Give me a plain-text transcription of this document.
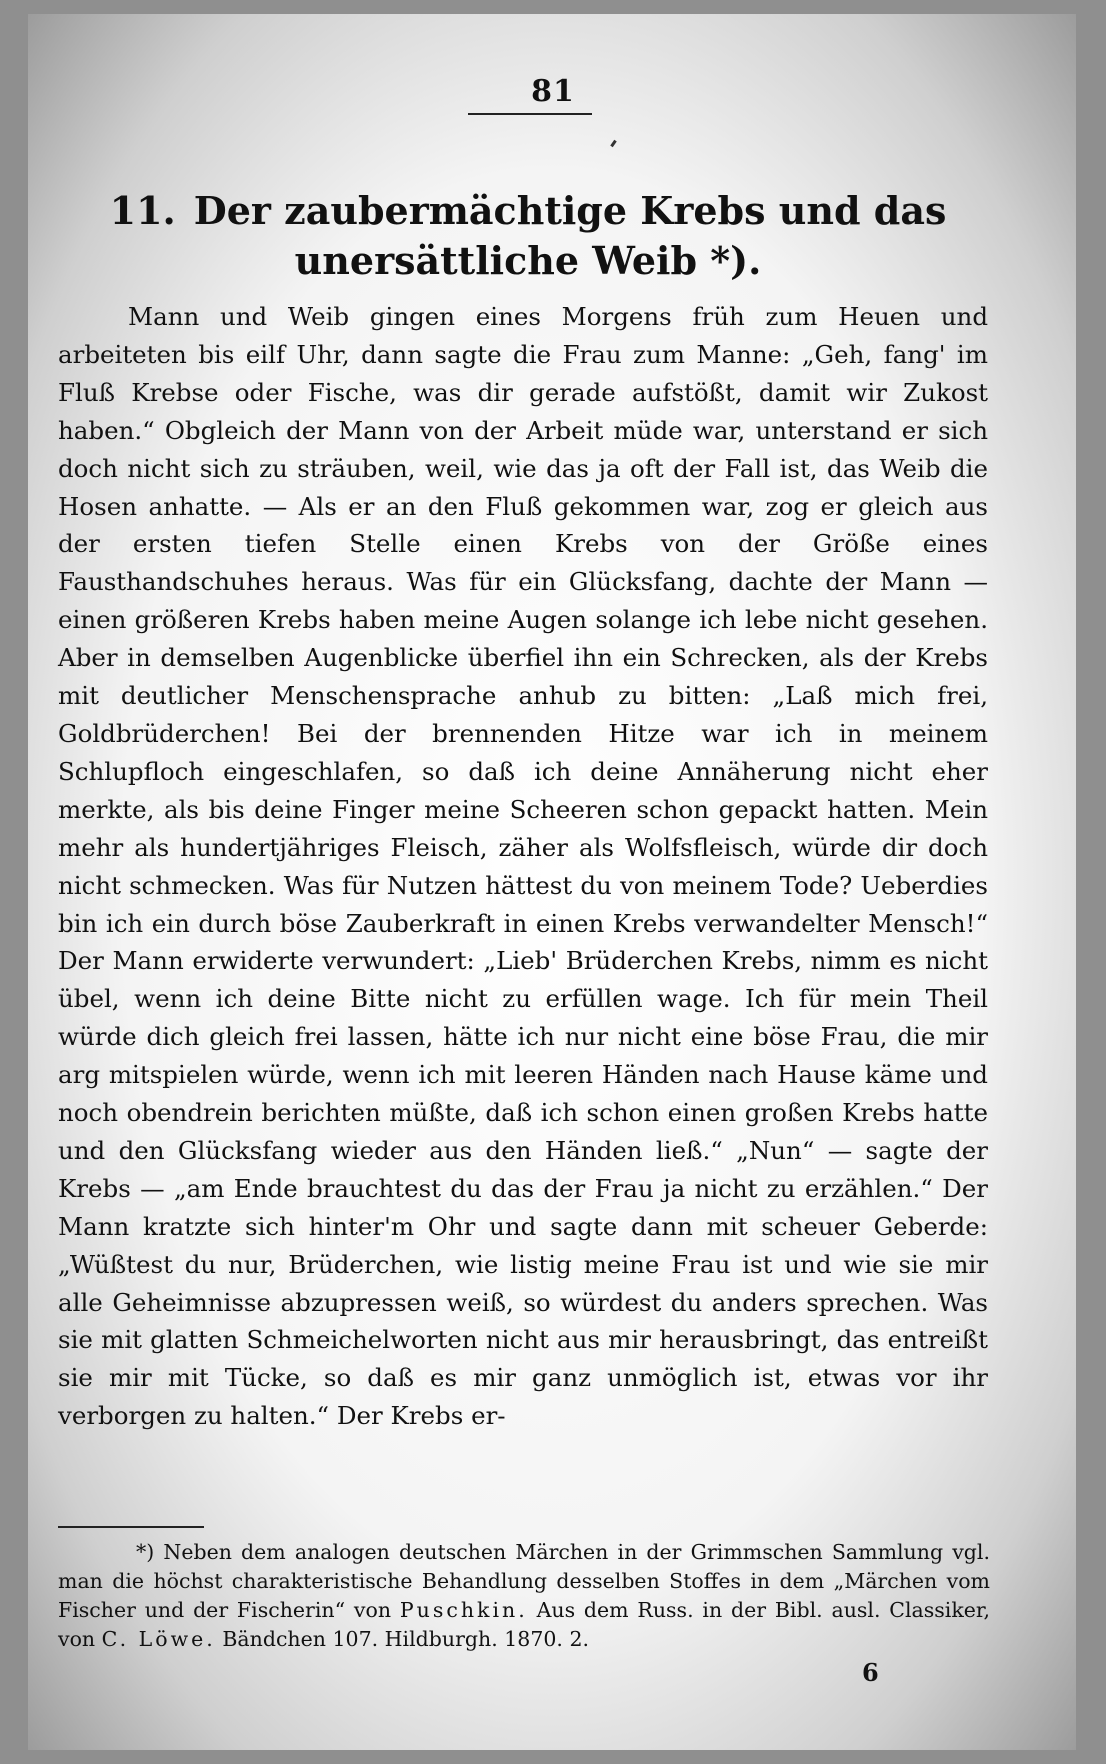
81
11. Der zaubermächtige Krebs und das unersättliche Weib *).

Mann und Weib gingen eines Morgens früh zum Heuen und arbeiteten bis eilf Uhr, dann sagte die Frau zum Manne: „Geh, fang' im Fluß Krebse oder Fische, was dir gerade aufstößt, damit wir Zukost haben.“ Obgleich der Mann von der Arbeit müde war, unterstand er sich doch nicht sich zu sträuben, weil, wie das ja oft der Fall ist, das Weib die Hosen anhatte. — Als er an den Fluß gekommen war, zog er gleich aus der ersten tiefen Stelle einen Krebs von der Größe eines Fausthandschuhes heraus. Was für ein Glücksfang, dachte der Mann — einen größeren Krebs haben meine Augen solange ich lebe nicht gesehen. Aber in demselben Augenblicke überfiel ihn ein Schrecken, als der Krebs mit deutlicher Menschensprache anhub zu bitten: „Laß mich frei, Goldbrüderchen! Bei der brennenden Hitze war ich in meinem Schlupfloch eingeschlafen, so daß ich deine Annäherung nicht eher merkte, als bis deine Finger meine Scheeren schon gepackt hatten. Mein mehr als hundertjähriges Fleisch, zäher als Wolfsfleisch, würde dir doch nicht schmecken. Was für Nutzen hättest du von meinem Tode? Ueberdies bin ich ein durch böse Zauberkraft in einen Krebs verwandelter Mensch!“ Der Mann erwiderte verwundert: „Lieb' Brüderchen Krebs, nimm es nicht übel, wenn ich deine Bitte nicht zu erfüllen wage. Ich für mein Theil würde dich gleich frei lassen, hätte ich nur nicht eine böse Frau, die mir arg mitspielen würde, wenn ich mit leeren Händen nach Hause käme und noch obendrein berichten müßte, daß ich schon einen großen Krebs hatte und den Glücksfang wieder aus den Händen ließ.“ „Nun“ — sagte der Krebs — „am Ende brauchtest du das der Frau ja nicht zu erzählen.“ Der Mann kratzte sich hinter'm Ohr und sagte dann mit scheuer Geberde: „Wüßtest du nur, Brüderchen, wie listig meine Frau ist und wie sie mir alle Geheimnisse abzupressen weiß, so würdest du anders sprechen. Was sie mit glatten Schmeichelworten nicht aus mir herausbringt, das entreißt sie mir mit Tücke, so daß es mir ganz unmöglich ist, etwas vor ihr verborgen zu halten.“ Der Krebs er-

*) Neben dem analogen deutschen Märchen in der Grimmschen Sammlung vgl. man die höchst charakteristische Behandlung desselben Stoffes in dem „Märchen vom Fischer und der Fischerin“ von Puschkin. Aus dem Russ. in der Bibl. ausl. Classiker, von C. Löwe. Bändchen 107. Hildburgh. 1870. 2.
6
